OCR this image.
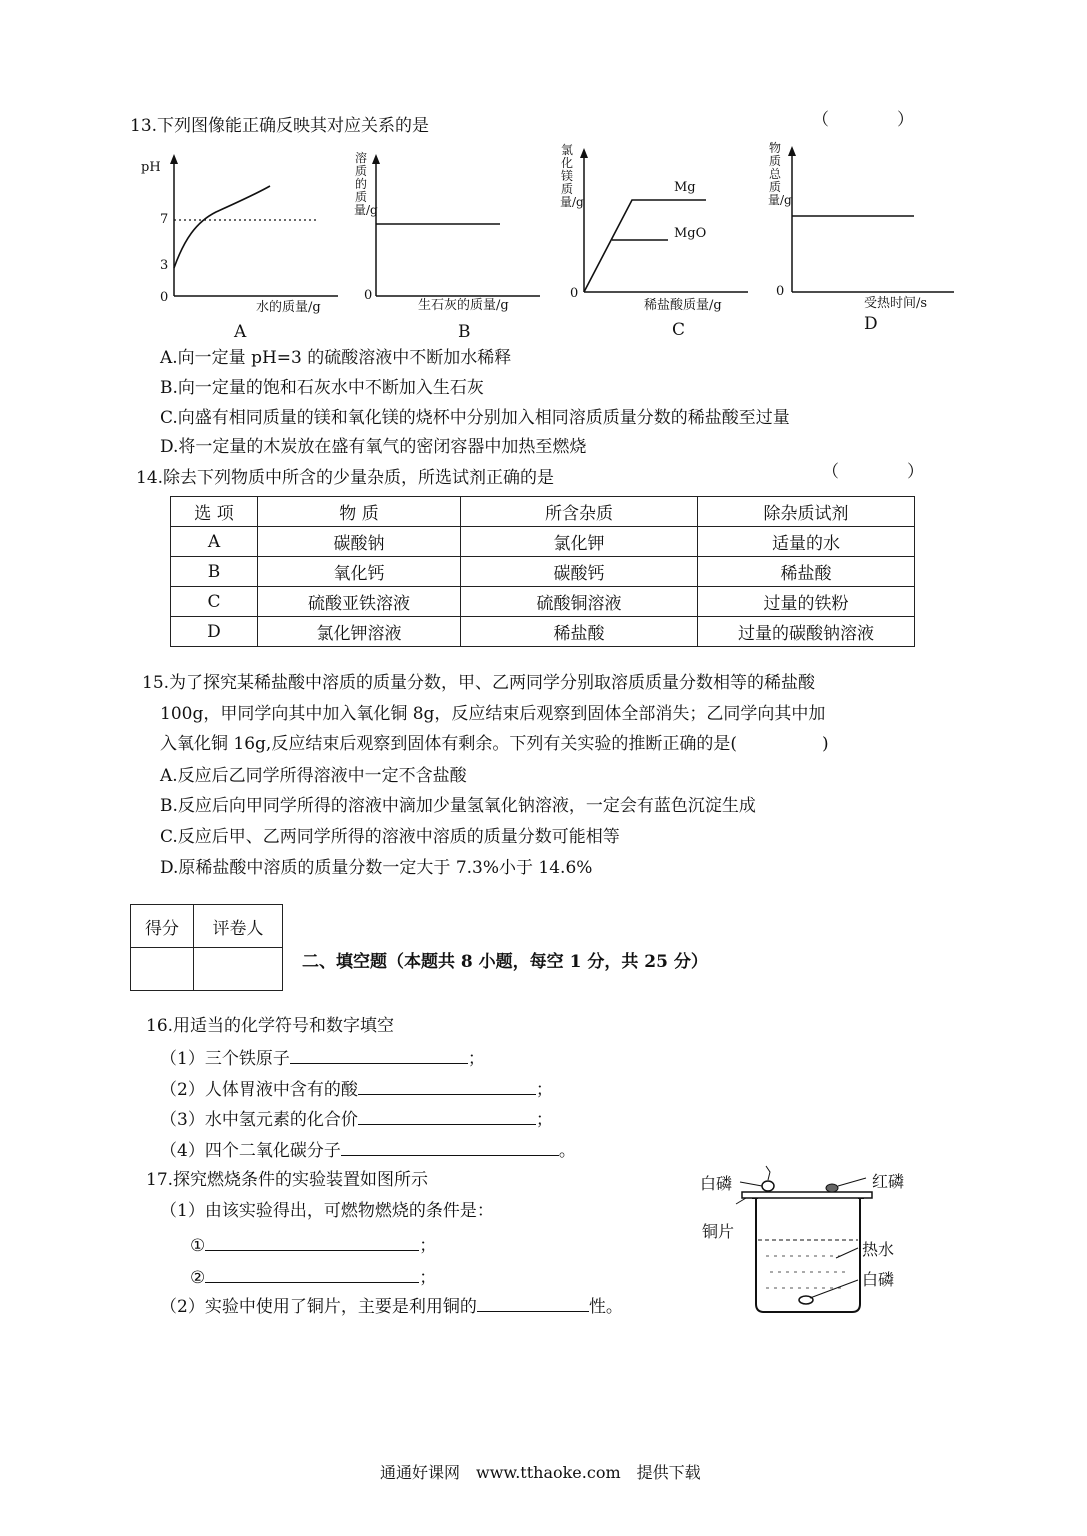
13.下列图像能正确反映其对应关系的是	（　　　　）
pH
7
3
0
水的质量/g
A
溶质的质量/g
0
生石灰的质量/g
B
氯化镁质量/g
Mg
MgO
0
稀盐酸质量/g
C
物质总质量/g
0
受热时间/s
D
A.向一定量 pH=3 的硫酸溶液中不断加水稀释
B.向一定量的饱和石灰水中不断加入生石灰
C.向盛有相同质量的镁和氧化镁的烧杯中分别加入相同溶质质量分数的稀盐酸至过量
D.将一定量的木炭放在盛有氧气的密闭容器中加热至燃烧
14.除去下列物质中所含的少量杂质，所选试剂正确的是	（　　　　）
选 项	物 质	所含杂质	除杂质试剂
A	碳酸钠	氯化钾	适量的水
B	氧化钙	碳酸钙	稀盐酸
C	硫酸亚铁溶液	硫酸铜溶液	过量的铁粉
D	氯化钾溶液	稀盐酸	过量的碳酸钠溶液
15.为了探究某稀盐酸中溶质的质量分数，甲、乙两同学分别取溶质质量分数相等的稀盐酸
100g，甲同学向其中加入氧化铜 8g，反应结束后观察到固体全部消失；乙同学向其中加
入氧化铜 16g,反应结束后观察到固体有剩余。下列有关实验的推断正确的是(　　　　　)
A.反应后乙同学所得溶液中一定不含盐酸
B.反应后向甲同学所得的溶液中滴加少量氢氧化钠溶液，一定会有蓝色沉淀生成
C.反应后甲、乙两同学所得的溶液中溶质的质量分数可能相等
D.原稀盐酸中溶质的质量分数一定大于 7.3%小于 14.6%
得分	评卷人

二、填空题（本题共 8 小题，每空 1 分，共 25 分）
16.用适当的化学符号和数字填空
（1）三个铁原子	；
（2）人体胃液中含有的酸	；
（3）水中氢元素的化合价	；
（4）四个二氧化碳分子	。
17.探究燃烧条件的实验装置如图所示
（1）由该实验得出，可燃物燃烧的条件是：
①	；
②	；
（2）实验中使用了铜片，主要是利用铜的	性。
白磷	红磷
铜片
热水
白磷
通通好课网　www.tthaoke.com　提供下载
